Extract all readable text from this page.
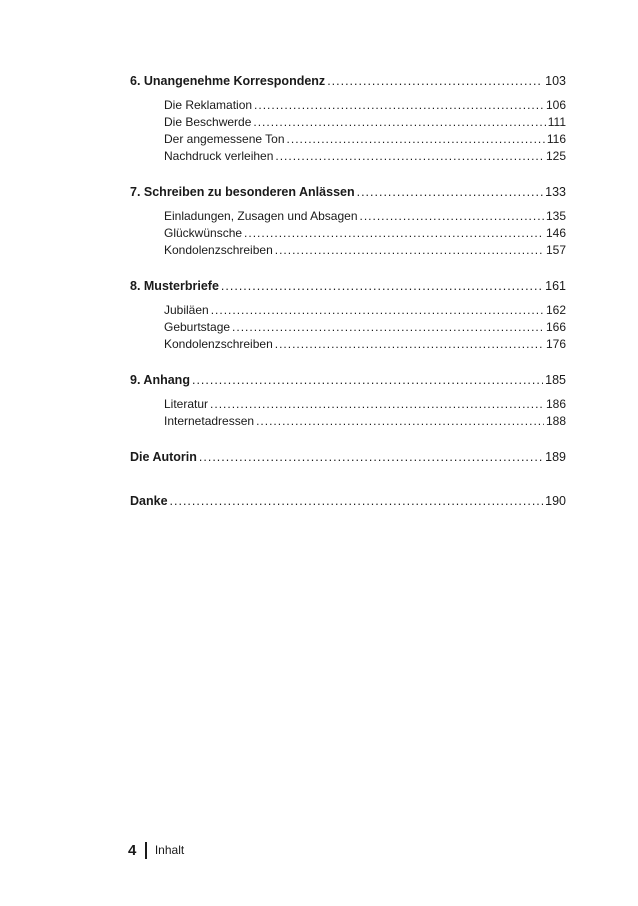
6. Unangenehme Korrespondenz .....	103
Die Reklamation .....	106
Die Beschwerde .....	111
Der angemessene Ton .....	116
Nachdruck verleihen .....	125
7. Schreiben zu besonderen Anlässen .....	133
Einladungen, Zusagen und Absagen .....	135
Glückwünsche .....	146
Kondolenzschreiben .....	157
8. Musterbriefe .....	161
Jubiläen .....	162
Geburtstage .....	166
Kondolenzschreiben .....	176
9. Anhang .....	185
Literatur .....	186
Internetadressen .....	188
Die Autorin .....	189
Danke .....	190
4 Inhalt
